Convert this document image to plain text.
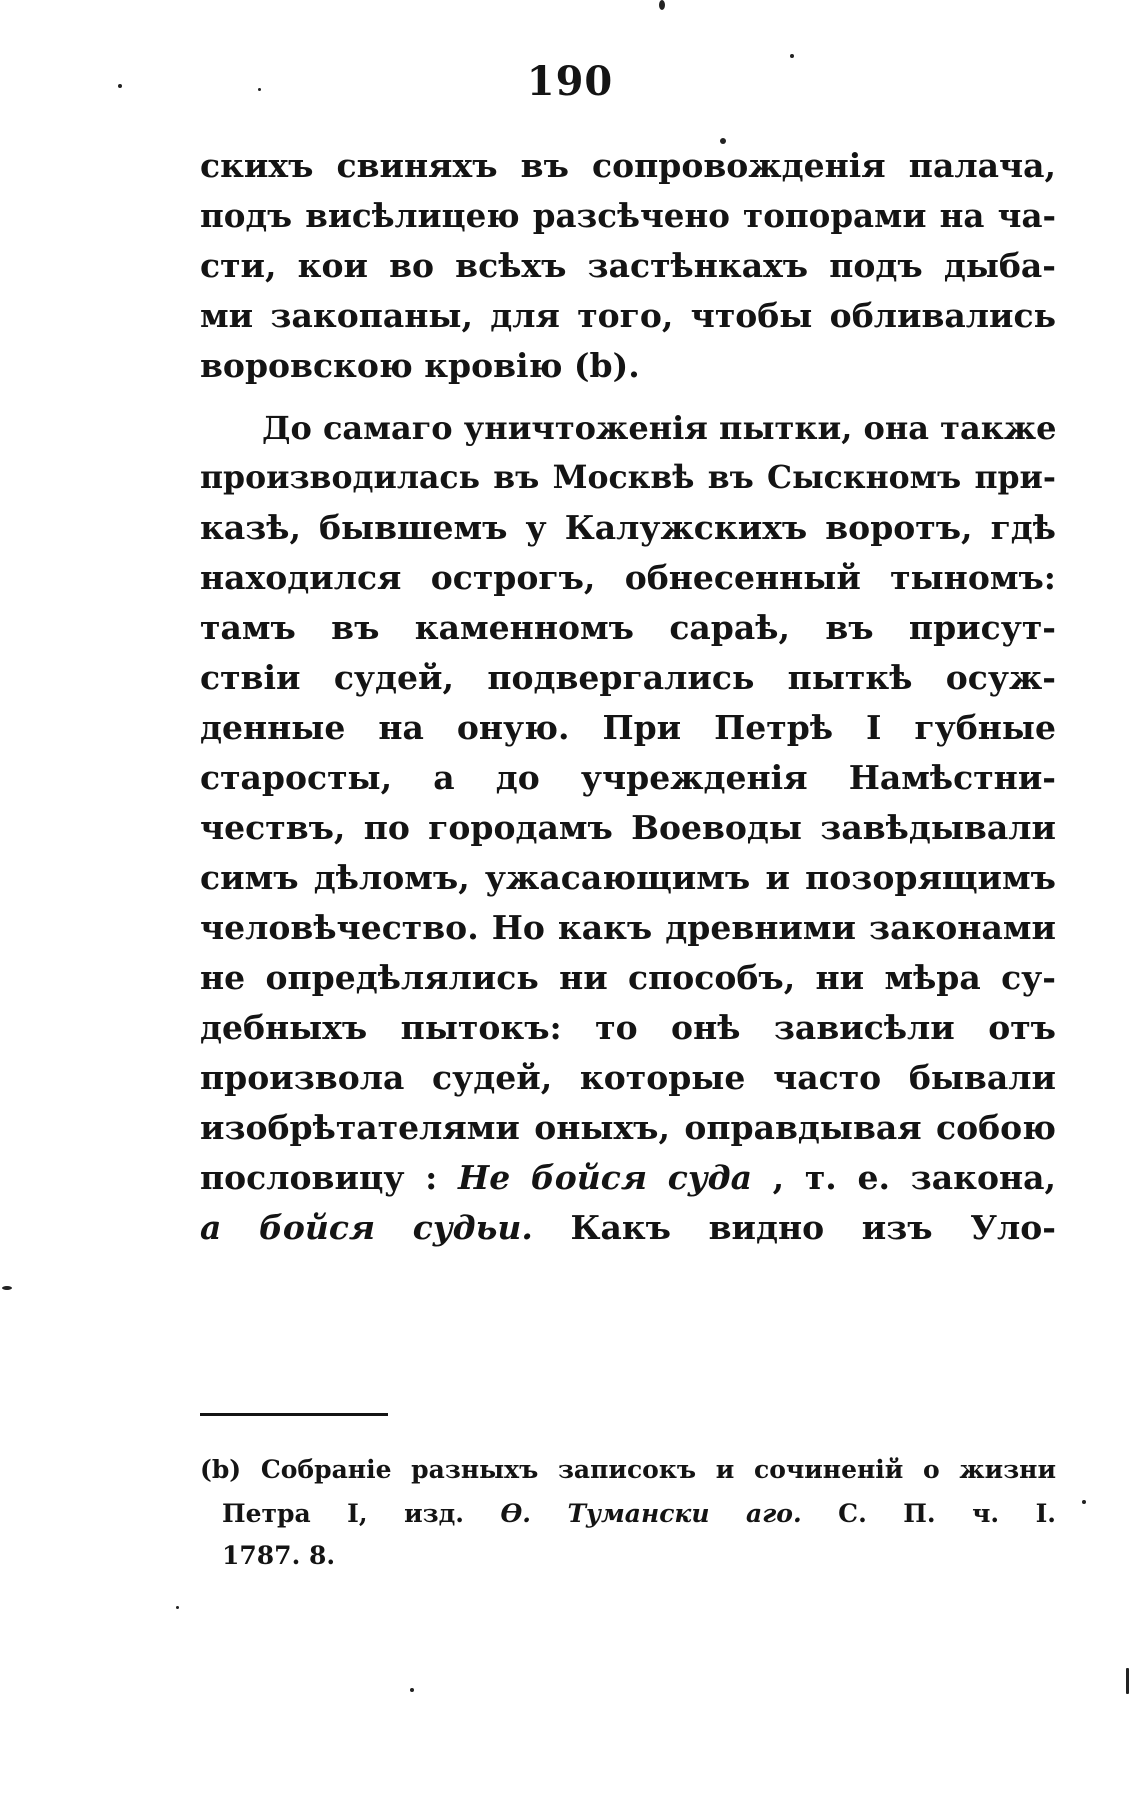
190
скихъ свиняхъ въ сопровожденія палача,
подъ висѣлицею разсѣчено топорами на ча-
сти, кои во всѣхъ застѣнкахъ подъ дыба-
ми закопаны, для того, чтобы обливались
воровскою кровію (b).
До самаго уничтоженія пытки, она также
производилась въ Москвѣ въ Сыскномъ при-
казѣ, бывшемъ у Калужскихъ воротъ, гдѣ
находился острогъ, обнесенный тыномъ:
тамъ въ каменномъ сараѣ, въ присут-
ствіи судей, подвергались пыткѣ осуж-
денные на оную. При Петрѣ I губные
старосты, а до учрежденія Намѣстни-
чествъ, по городамъ Воеводы завѣдывали
симъ дѣломъ, ужасающимъ и позорящимъ
человѣчество. Но какъ древними законами
не опредѣлялись ни способъ, ни мѣра су-
дебныхъ пытокъ: то онѣ зависѣли отъ
произвола судей, которые часто бывали
изобрѣтателями оныхъ, оправдывая собою
пословицу : Не бойся суда , т. е. закона,
а бойся судьи. Какъ видно изъ Уло-
(b) Собраніе разныхъ записокъ и сочиненій о жизни
Петра I, изд. Ѳ. Тумански аго. С. П. ч. I.
1787. 8.
